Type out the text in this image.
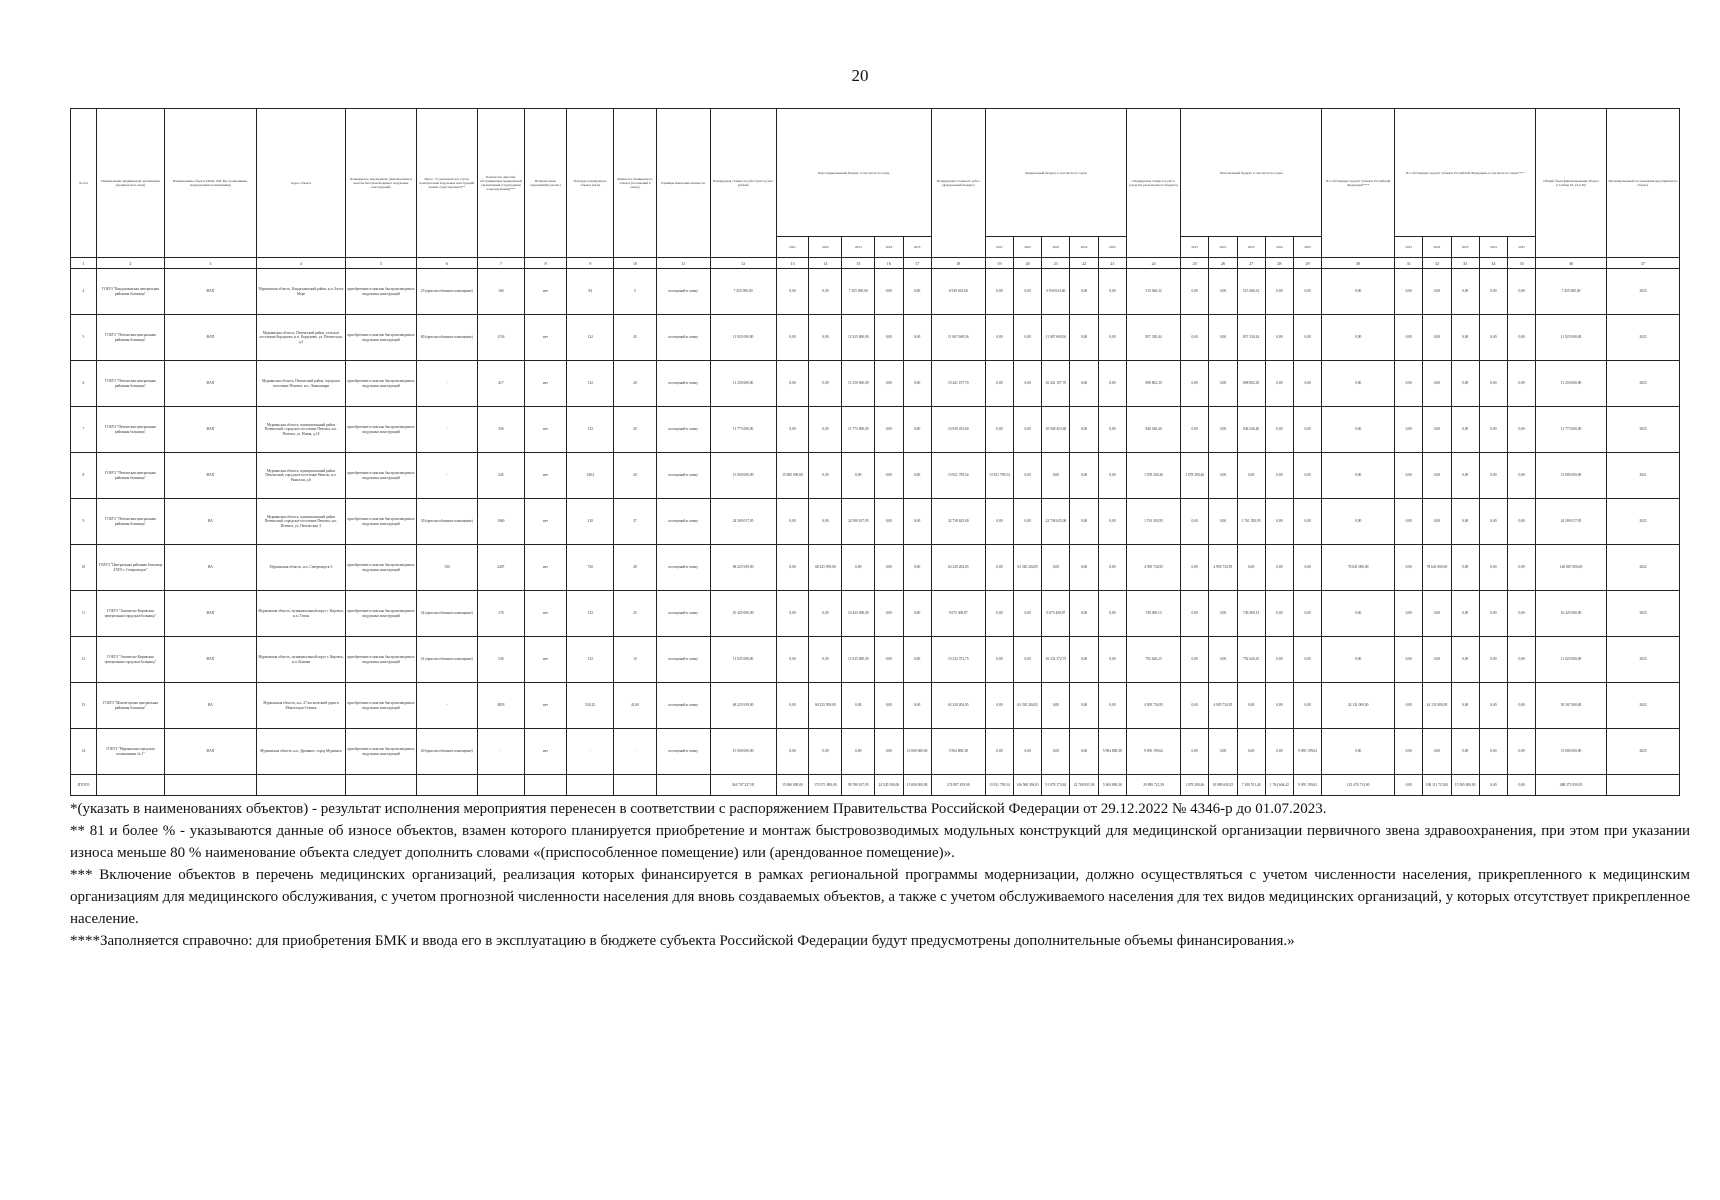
20
№ п/п	Наименование медицинской организации (юридического лица)	Наименование объекта (ФАП, ФП, ВА, поликлиника, подразделение поликлиники)	Адрес объекта	Планируемое мероприятие (приобретение и монтаж быстровозводимых модульных конструкций)	Износ, % (указывается в случае приобретения модульных конструкций взамен существующих)**	Количество жителей, обслуживаемых медицинской организацией (структурным подразделением)***	Наличие плана мероприятий (да/нет)	Площадь планируемого объекта (кв.м)	Мощность планируемого объекта (посещений в смену)	Единицы измерения мощности	Планируемая стоимость работ (всего) (тыс. рублей)	Консолидированный бюджет, в том числе по годам					Планируемая стоимость работ (федеральный бюджет)	Федеральный бюджет, в том числе по годам					Планируемая стоимость работ (средства регионального бюджета)	Региональный бюджет, в том числе по годам					Из собственных средств субъекта Российской Федерации****	Из собственных средств субъекта Российской Федерации, в том числе по годам****					Общий объем финансирования объекта (столбцы 18, 24 и 30)	Запланированный год окончания мероприятия по объекту
												2021	2022	2023	2024	2025		2021	2022	2023	2024	2025		2021	2022	2023	2024	2025		2021	2022	2023	2024	2025		
1	2	3	4	5	6	7	8	9	10	11	12	13	14	15	16	17	18	19	20	21	22	23	24	25	26	27	28	29	30	31	32	33	34	35	36	37
4	ГОБУЗ "Кандалакшская центральная районная больница"	ФАП	Мурманская область, Кандалакшский район, н.п. Белое Море	приобретение и монтаж быстровозводимых модульных конструкций	25 (приспособленное помещение)	166	нет	84	5	посещений в смену	7 455 000,00	0,00	0,00	7 455 000,00	0,00	0,00	6 939 633,60	0,00	0,00	6 939 633,60	0,00	0,00	515 366,32	0,00	0,00	515 366,32	0,00	0,00	0,00	0,00	0,00	0,00	0,00	0,00	7 455 000,00	2023
5	ГОБУЗ "Печенгская центральная районная больница"	ФАП	Мурманская область, Печенгский район, сельское поселение Корзуново, н.п. Корзуново, ул. Печенгская, д.2	приобретение и монтаж быстровозводимых модульных конструкций	80 (приспособленное помещение)	1156	нет	132	45	посещений в смену	11 925 000,00	0,00	0,00	11 925 000,00	0,00	0,00	11 067 669,56	0,00	0,00	11 067 669,56	0,00	0,00	857 330,44	0,00	0,00	857 330,44	0,00	0,00	0,00	0,00	0,00	0,00	0,00	0,00	11 925 000,00	2023
6	ГОБУЗ "Печенгская центральная районная больница"	ФАП	Мурманская область, Печенгский район, городское поселение Печенга, н.п. Линахамари	приобретение и монтаж быстровозводимых модульных конструкций	-	417	нет	132	20	посещений в смену	11 250 000,00	0,00	0,00	11 250 000,00	0,00	0,00	10 441 197,70	0,00	0,00	10 441 197,70	0,00	0,00	808 802,30	0,00	0,00	808 802,30	0,00	0,00	0,00	0,00	0,00	0,00	0,00	0,00	11 250 000,00	2023
7	ГОБУЗ "Печенгская центральная районная больница"	ФАП	Мурманская область, муниципальный район Печенгский, городское поселение Печенга, н.п. Печенга, ул. Новая, д.18	приобретение и монтаж быстровозводимых модульных конструкций	-	356	нет	132	20	посещений в смену	11 775 000,00	0,00	0,00	11 775 000,00	0,00	0,00	10 928 453,60	0,00	0,00	10 928 453,60	0,00	0,00	846 546,40	0,00	0,00	846 546,40	0,00	0,00	0,00	0,00	0,00	0,00	0,00	0,00	11 775 000,00	2023
8	ГОБУЗ "Печенгская центральная районная больница"	ФАП	Мурманская область, муниципальный район Печенгский, городское поселение Никель, н.п. Раякоски, д.6	приобретение и монтаж быстровозводимых модульных конструкций	-	245	нет	149,3	20	посещений в смену	15 000 000,00	15 000 000,00	0,00	0,00	0,00	0,00	13 921 799,54	13 921 799,54	0,00	0,00	0,00	0,00	1 078 200,46	1 078 200,46	0,00	0,00	0,00	0,00	0,00	0,00	0,00	0,00	0,00	0,00	15 000 000,00	2021
9	ГОБУЗ "Печенгская центральная районная больница"	ВА	Мурманская область, муниципальный район Печенгский, городское поселение Печенга, н.п. Печенга, ул. Печенгская, 5	приобретение и монтаж быстровозводимых модульных конструкций	30 (приспособленное помещение)	1060	нет	210	37	посещений в смену	24 500 017,95	0,00	0,00	24 500 017,95	0,00	0,00	22 738 625,00	0,00	0,00	22 738 625,00	0,00	0,00	1 761 392,95	0,00	0,00	1 761 392,95	0,00	0,00	0,00	0,00	0,00	0,00	0,00	0,00	24 500 017,95	2023
10	ГОАУЗ "Центральная районная больница ЗАТО г. Североморск"	ВА	Мурманская область, н.п. Североморск-3	приобретение и монтаж быстровозводимых модульных конструкций	100	2407	нет	720	28	посещений в смену	68 225 939,00	0,00	68 225 939,00	0,00	0,00	0,00	63 320 204,05	0,00	63 320 204,05	0,00	0,00	0,00	4 905 734,95	0,00	4 905 734,95	0,00	0,00	0,00	78 641 000,00	0,00	78 641 000,00	0,00	0,00	0,00	146 867 000,00	2022
11	ГОБУЗ "Апатитско-Кировская центральная городская больница"	ФАП	Мурманская область, муниципальный округ г. Кировск, н.п. Титан	приобретение и монтаж быстровозводимых модульных конструкций	34 (приспособленное помещение)	176	нет	132	25	посещений в смену	10 425 000,00	0,00	0,00	10 425 000,00	0,00	0,00	9 675 409,87	0,00	0,00	9 675 409,87	0,00	0,00	749 490,13	0,00	0,00	749 490,13	0,00	0,00	0,00	0,00	0,00	0,00	0,00	0,00	10 425 000,00	2023
12	ГОБУЗ "Апатитско-Кировская центральная городская больница"	ФАП	Мурманская область, муниципальный округ г. Кировск, н.п. Коашва	приобретение и монтаж быстровозводимых модульных конструкций	41 (приспособленное помещение)	536	нет	132	10	посещений в смену	11 025 000,00	0,00	0,00	11 025 000,00	0,00	0,00	10 232 372,75	0,00	0,00	10 232 372,75	0,00	0,00	792 626,25	0,00	0,00	792 626,25	0,00	0,00	0,00	0,00	0,00	0,00	0,00	0,00	11 025 000,00	2023
13	ГОБУЗ "Мончегорская центральная районная больница"	ВА	Мурманская область, н.п. 27 км железной дороги Мончегорск-Оленья	приобретение и монтаж быстровозводимых модульных конструкций	-	4818	нет	520,25	41,00	посещений в смену	68 225 939,00	0,00	68 225 939,00	0,00	0,00	0,00	63 320 204,05	0,00	63 320 204,05	0,00	0,00	0,00	4 905 734,95	0,00	4 905 734,95	0,00	0,00	0,00	24 131 000,00	0,00	24 131 000,00	0,00	0,00	0,00	92 367 000,00	2022
14	ГОБУЗ "Мурманская городская поликлиника № 1"	ФАП	Мурманская область, н.п. Дровяное, город Мурманск	приобретение и монтаж быстровозводимых модульных конструкций	40 (приспособленное помещение)	-	нет	-	-	посещений в смену	15 000 000,00	0,00	0,00	0,00	0,00	15 000 000,00	5 904 800,38	0,00	0,00	0,00	0,00	5 904 800,38	9 095 199,62	0,00	0,00	0,00	0,00	9 095 199,62	0,00	0,00	0,00	0,00	0,00	0,00	15 000 000,00	2025
ИТОГО											364 797 237,95	15 000 000,00	170 571 800,00	99 780 017,95	24 545 500,00	15 000 000,00	274 897 459,98	13 921 799,54	146 580 394,01	91 878 173,84	22 780 835,58	5 904 800,38	29 899 721,39	1 078 200,46	10 889 658,25	7 180 551,40	1 764 664,42	9 095 199,62	123 476 713,00	0,00	108 111 713,00	15 365 000,00	0,00	0,00	488 273 950,95	

*(указать в наименованиях объектов) - результат исполнения мероприятия перенесен в соответствии с распоряжением Правительства Российской Федерации от 29.12.2022 № 4346-р до 01.07.2023.

** 81 и более % - указываются данные об износе объектов, взамен которого планируется приобретение и монтаж быстровозводимых модульных конструкций для медицинской организации первичного звена здравоохранения, при этом при указании износа меньше 80 % наименование объекта следует дополнить словами «(приспособленное помещение) или (арендованное помещение)».

*** Включение объектов в перечень медицинских организаций, реализация которых финансируется в рамках региональной программы модернизации, должно осуществляться с учетом численности населения, прикрепленного к медицинским организациям для медицинского обслуживания, с учетом прогнозной численности населения для вновь создаваемых объектов, а также с учетом обслуживаемого населения для тех видов медицинских организаций, у которых отсутствует прикрепленное население.

****Заполняется справочно: для приобретения БМК и ввода его в эксплуатацию в бюджете субъекта Российской Федерации будут предусмотрены дополнительные объемы финансирования.»
